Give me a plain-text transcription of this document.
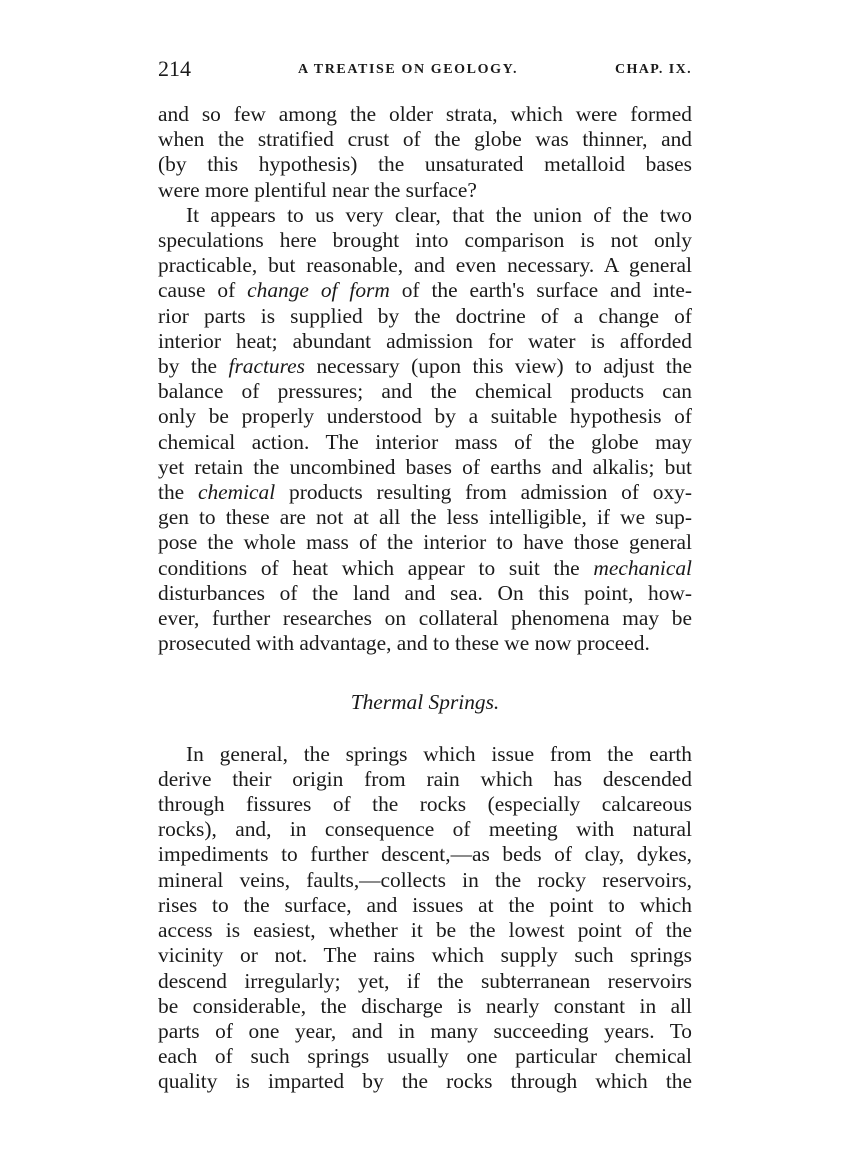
214	A TREATISE ON GEOLOGY.	CHAP. IX.
and so few among the older strata, which were formed
when the stratified crust of the globe was thinner, and
(by this hypothesis) the unsaturated metalloid bases
were more plentiful near the surface?
It appears to us very clear, that the union of the two
speculations here brought into comparison is not only
practicable, but reasonable, and even necessary. A general
cause of change of form of the earth's surface and inte-
rior parts is supplied by the doctrine of a change of
interior heat; abundant admission for water is afforded
by the fractures necessary (upon this view) to adjust the
balance of pressures; and the chemical products can
only be properly understood by a suitable hypothesis of
chemical action. The interior mass of the globe may
yet retain the uncombined bases of earths and alkalis; but
the chemical products resulting from admission of oxy-
gen to these are not at all the less intelligible, if we sup-
pose the whole mass of the interior to have those general
conditions of heat which appear to suit the mechanical
disturbances of the land and sea. On this point, how-
ever, further researches on collateral phenomena may be
prosecuted with advantage, and to these we now proceed.
Thermal Springs.
In general, the springs which issue from the earth
derive their origin from rain which has descended
through fissures of the rocks (especially calcareous
rocks), and, in consequence of meeting with natural
impediments to further descent,—as beds of clay, dykes,
mineral veins, faults,—collects in the rocky reservoirs,
rises to the surface, and issues at the point to which
access is easiest, whether it be the lowest point of the
vicinity or not. The rains which supply such springs
descend irregularly; yet, if the subterranean reservoirs
be considerable, the discharge is nearly constant in all
parts of one year, and in many succeeding years. To
each of such springs usually one particular chemical
quality is imparted by the rocks through which the
